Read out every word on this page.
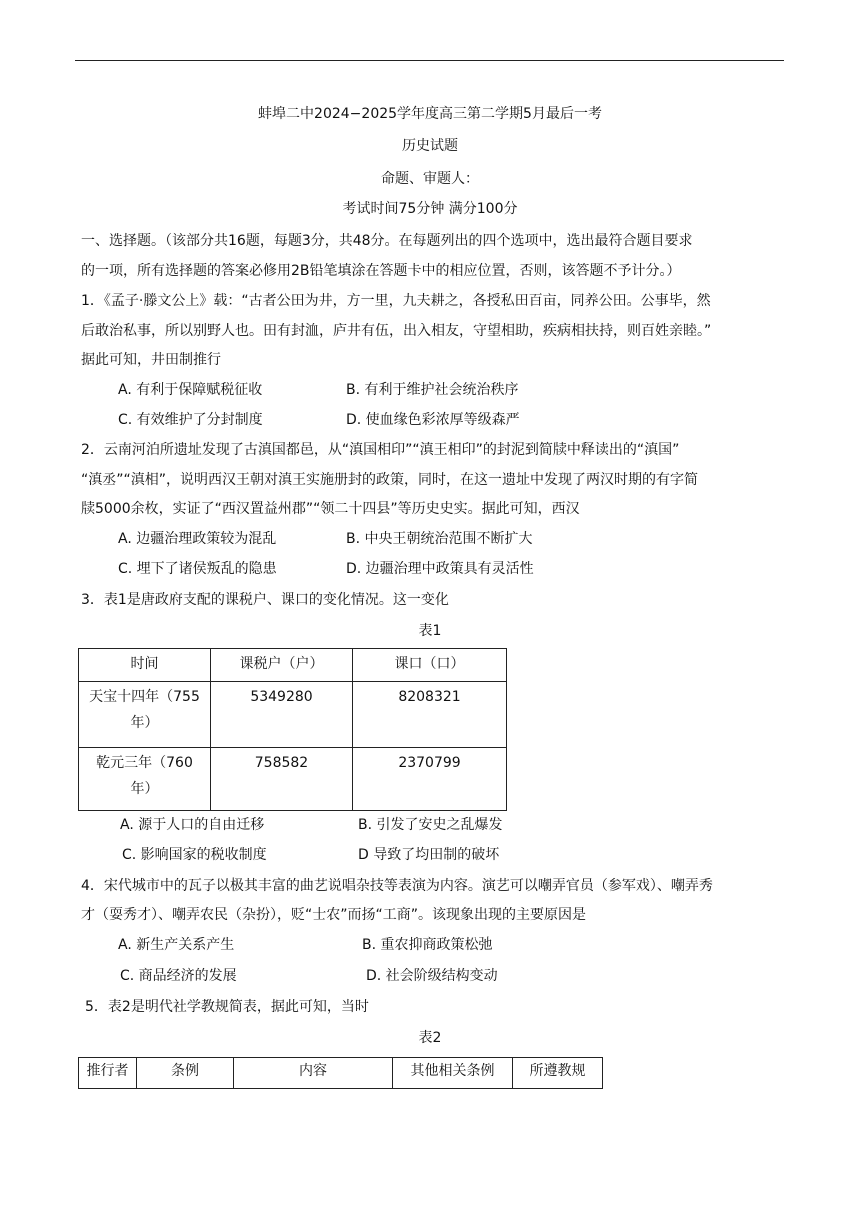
蚌埠二中2024−2025学年度高三第二学期5月最后一考
历史试题
命题、审题人：
考试时间75分钟 满分100分
一、选择题。（该部分共16题，每题3分，共48分。在每题列出的四个选项中，选出最符合题目要求
的一项，所有选择题的答案必修用2B铅笔填涂在答题卡中的相应位置，否则，该答题不予计分。）
1．《孟子·滕文公上》载：“古者公田为井，方一里，九夫耕之，各授私田百亩，同养公田。公事毕，然
后敢治私事，所以别野人也。田有封洫，庐井有伍，出入相友，守望相助，疾病相扶持，则百姓亲睦。”
据此可知，井田制推行
A. 有利于保障赋税征收	B. 有利于维护社会统治秩序
C. 有效维护了分封制度	D. 使血缘色彩浓厚等级森严
2．云南河泊所遗址发现了古滇国都邑，从“滇国相印”“滇王相印”的封泥到简牍中释读出的“滇国”
“滇丞”“滇相”，说明西汉王朝对滇王实施册封的政策，同时，在这一遗址中发现了两汉时期的有字简
牍5000余枚，实证了“西汉置益州郡”“领二十四县”等历史史实。据此可知，西汉
A. 边疆治理政策较为混乱	B. 中央王朝统治范围不断扩大
C. 埋下了诸侯叛乱的隐患	D. 边疆治理中政策具有灵活性
3．表1是唐政府支配的课税户、课口的变化情况。这一变化
表1
时间	课税户（户）	课口（口）

天宝十四年（755
年）	5349280	8208321

乾元三年（760
年）	758582	2370799
A. 源于人口的自由迁移	B. 引发了安史之乱爆发
C. 影响国家的税收制度	D 导致了均田制的破坏
4．宋代城市中的瓦子以极其丰富的曲艺说唱杂技等表演为内容。演艺可以嘲弄官员（参军戏）、嘲弄秀
才（耍秀才）、嘲弄农民（杂扮），贬“士农”而扬“工商”。该现象出现的主要原因是
A. 新生产关系产生	B. 重农抑商政策松弛
C. 商品经济的发展	D. 社会阶级结构变动
5．表2是明代社学教规简表，据此可知，当时
表2
推行者	条例	内容	其他相关条例	所遵教规
